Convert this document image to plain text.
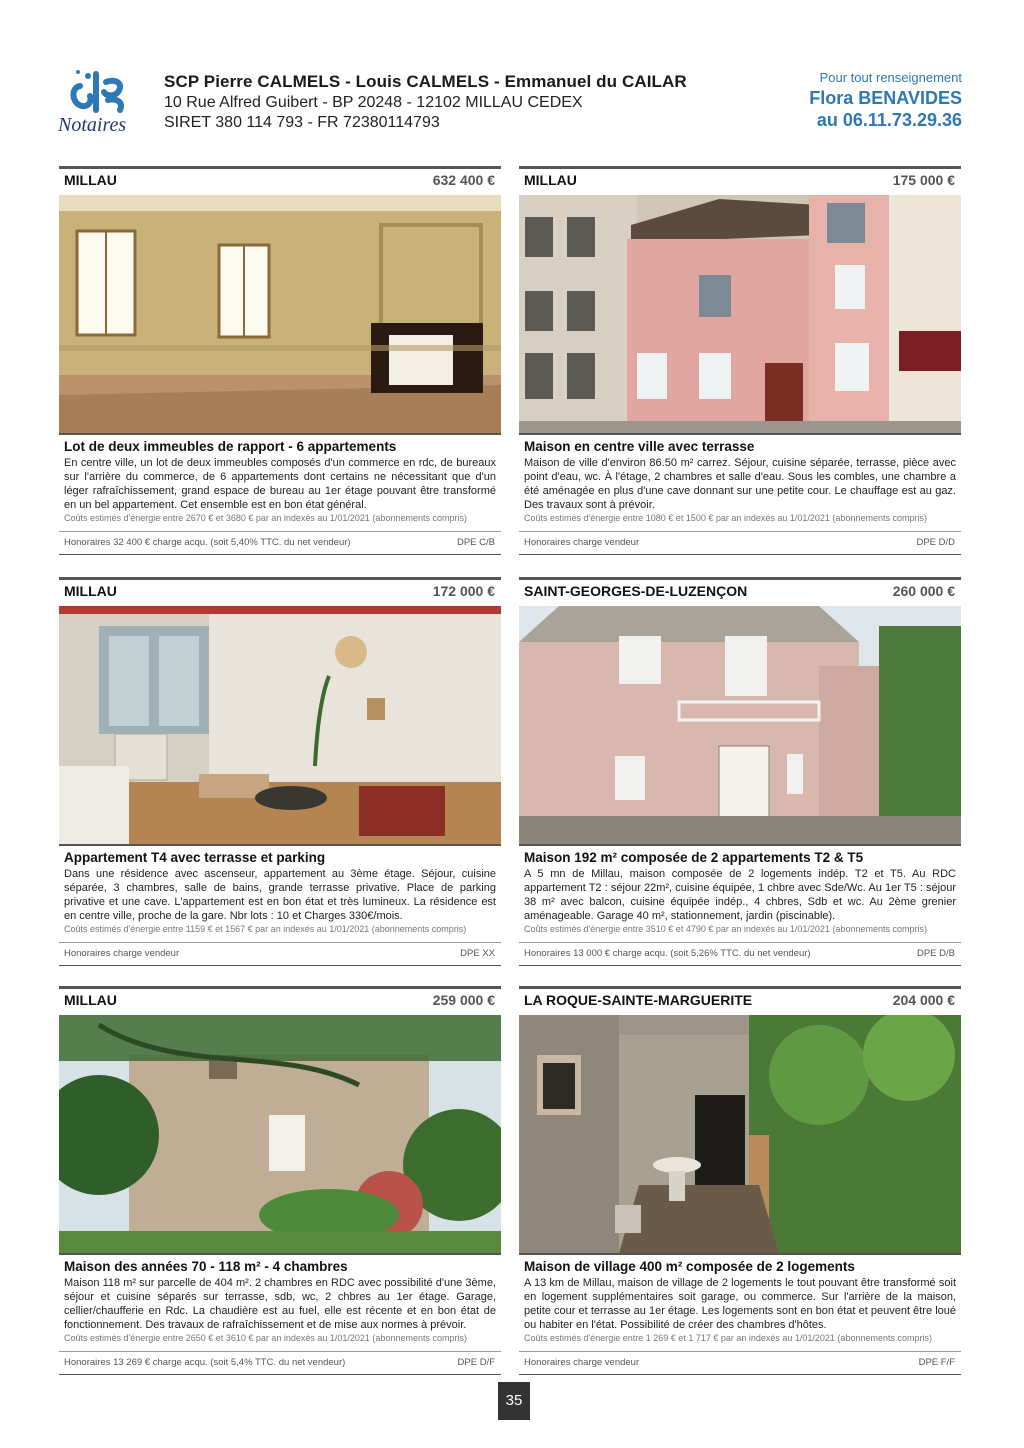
Notaires
SCP Pierre CALMELS - Louis CALMELS - Emmanuel du CAILAR
10 Rue Alfred Guibert - BP 20248 - 12102 MILLAU CEDEX
SIRET 380 114 793 - FR 72380114793
Pour tout renseignement
Flora BENAVIDES
au 06.11.73.29.36
MILLAU	632 400 €
Lot de deux immeubles de rapport - 6 appartements
En centre ville, un lot de deux immeubles composés d'un commerce en rdc, de bureaux sur l'arrière du commerce, de 6 appartements dont certains ne nécessitant que d'un léger rafraîchissement, grand espace de bureau au 1er étage pouvant être transformé en un bel appartement. Cet ensemble est en bon état général.
Coûts estimés d'énergie entre 2670 € et 3680 € par an indexés au 1/01/2021 (abonnements compris)
Honoraires 32 400 € charge acqu. (soit 5,40% TTC. du net vendeur)	DPE C/B
MILLAU	175 000 €
Maison en centre ville avec terrasse
Maison de ville d'environ 86.50 m² carrez. Séjour, cuisine séparée, terrasse, pièce avec point d'eau, wc. À l'étage, 2 chambres et salle d'eau. Sous les combles, une chambre a été aménagée en plus d'une cave donnant sur une petite cour. Le chauffage est au gaz. Des travaux sont à prévoir.
Coûts estimés d'énergie entre 1080 € et 1500 € par an indexés au 1/01/2021 (abonnements compris)
Honoraires charge vendeur	DPE D/D
MILLAU	172 000 €
Appartement T4 avec terrasse et parking
Dans une résidence avec ascenseur, appartement au 3ème étage. Séjour, cuisine séparée, 3 chambres, salle de bains, grande terrasse privative. Place de parking privative et une cave. L'appartement est en bon état et très lumineux. La résidence est en centre ville, proche de la gare. Nbr lots : 10 et Charges 330€/mois.
Coûts estimés d'énergie entre 1159 € et 1567 € par an indexés au 1/01/2021 (abonnements compris)
Honoraires charge vendeur	DPE XX
SAINT-GEORGES-DE-LUZENÇON	260 000 €
Maison 192 m² composée de 2 appartements T2 & T5
A 5 mn de Millau, maison composée de 2 logements indép. T2 et T5. Au RDC appartement T2 : séjour 22m², cuisine équipée, 1 chbre avec Sde/Wc. Au 1er T5 : séjour 38 m² avec balcon, cuisine équipée indép., 4 chbres, Sdb et wc. Au 2ème grenier aménageable. Garage 40 m², stationnement, jardin (piscinable).
Coûts estimés d'énergie entre 3510 € et 4790 € par an indexés au 1/01/2021 (abonnements compris)
Honoraires 13 000 € charge acqu. (soit 5,26% TTC. du net vendeur)	DPE D/B
MILLAU	259 000 €
Maison des années 70 - 118 m² - 4 chambres
Maison 118 m² sur parcelle de 404 m². 2 chambres en RDC avec possibilité d'une 3ème, séjour et cuisine séparés sur terrasse, sdb, wc, 2 chbres au 1er étage. Garage, cellier/chaufferie en Rdc. La chaudière est au fuel, elle est récente et en bon état de fonctionnement. Des travaux de rafraîchissement et de mise aux normes à prévoir.
Coûts estimés d'énergie entre 2650 € et 3610 € par an indexés au 1/01/2021 (abonnements compris)
Honoraires 13 269 € charge acqu. (soit 5,4% TTC. du net vendeur)	DPE D/F
LA ROQUE-SAINTE-MARGUERITE	204 000 €
Maison de village 400 m² composée de 2 logements
A 13 km de Millau, maison de village de 2 logements le tout pouvant être transformé soit en logement supplémentaires soit garage, ou commerce. Sur l'arrière de la maison, petite cour et terrasse au 1er étage. Les logements sont en bon état et peuvent être loué ou habiter en l'état. Possibilité de créer des chambres d'hôtes.
Coûts estimés d'énergie entre 1 269 € et 1 717 € par an indexés au 1/01/2021 (abonnements compris)
Honoraires charge vendeur	DPE F/F
35
